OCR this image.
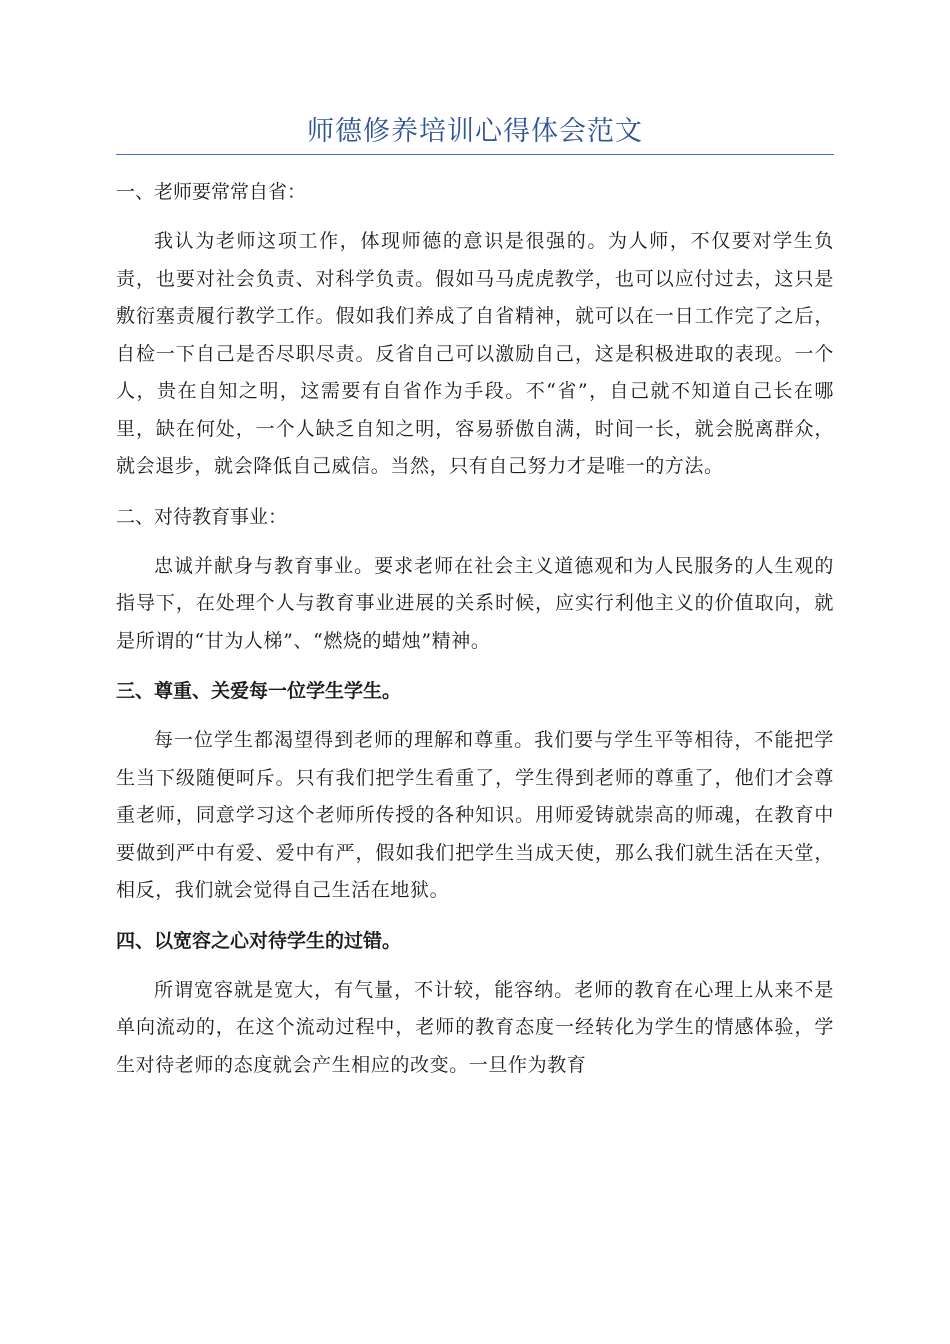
师德修养培训心得体会范文

一、老师要常常自省：

我认为老师这项工作，体现师德的意识是很强的。为人师，不仅要对学生负责，也要对社会负责、对科学负责。假如马马虎虎教学，也可以应付过去，这只是敷衍塞责履行教学工作。假如我们养成了自省精神，就可以在一日工作完了之后，自检一下自己是否尽职尽责。反省自己可以激励自己，这是积极进取的表现。一个人，贵在自知之明，这需要有自省作为手段。不“省”，自己就不知道自己长在哪里，缺在何处，一个人缺乏自知之明，容易骄傲自满，时间一长，就会脱离群众，就会退步，就会降低自己威信。当然，只有自己努力才是唯一的方法。

二、对待教育事业：

忠诚并献身与教育事业。要求老师在社会主义道德观和为人民服务的人生观的指导下，在处理个人与教育事业进展的关系时候，应实行利他主义的价值取向，就是所谓的“甘为人梯”、“燃烧的蜡烛”精神。

三、尊重、关爱每一位学生学生。

每一位学生都渴望得到老师的理解和尊重。我们要与学生平等相待，不能把学生当下级随便呵斥。只有我们把学生看重了，学生得到老师的尊重了，他们才会尊重老师，同意学习这个老师所传授的各种知识。用师爱铸就崇高的师魂，在教育中要做到严中有爱、爱中有严，假如我们把学生当成天使，那么我们就生活在天堂，相反，我们就会觉得自己生活在地狱。

四、以宽容之心对待学生的过错。

所谓宽容就是宽大，有气量，不计较，能容纳。老师的教育在心理上从来不是单向流动的，在这个流动过程中，老师的教育态度一经转化为学生的情感体验，学生对待老师的态度就会产生相应的改变。一旦作为教育
